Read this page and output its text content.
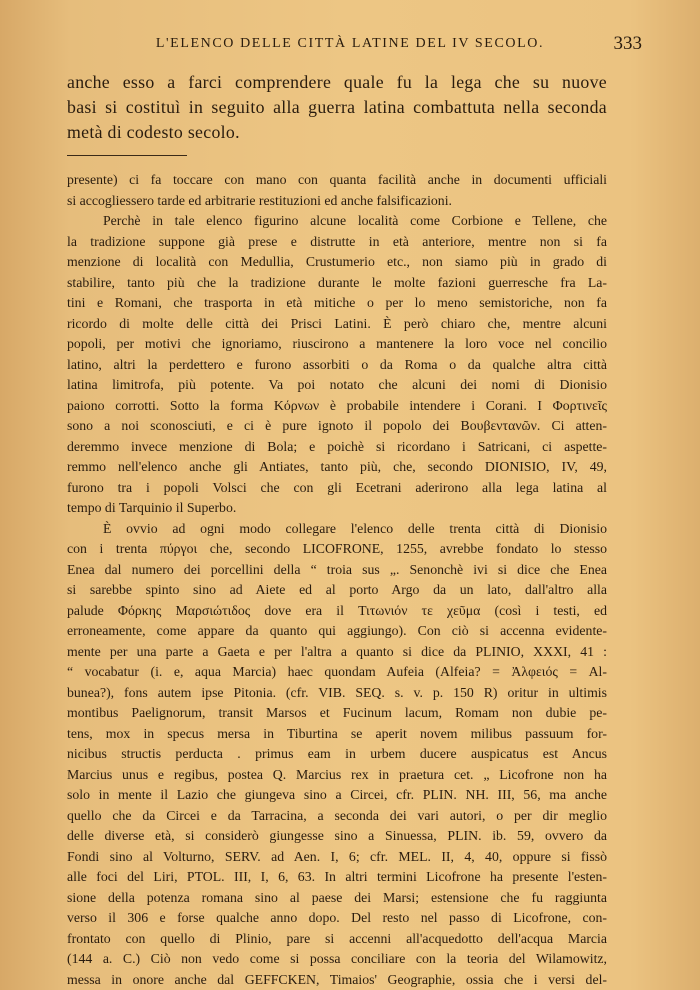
L'ELENCO DELLE CITTÀ LATINE DEL IV SECOLO.	333
anche esso a farci comprendere quale fu la lega che su nuove
basi si costituì in seguito alla guerra latina combattuta nella seconda
metà di codesto secolo.
presente) ci fa toccare con mano con quanta facilità anche in documenti ufficiali
si accogliessero tarde ed arbitrarie restituzioni ed anche falsificazioni.
Perchè in tale elenco figurino alcune località come Corbione e Tellene, che
la tradizione suppone già prese e distrutte in età anteriore, mentre non si fa
menzione di località con Medullia, Crustumerio etc., non siamo più in grado di
stabilire, tanto più che la tradizione durante le molte fazioni guerresche fra La-
tini e Romani, che trasporta in età mitiche o per lo meno semistoriche, non fa
ricordo di molte delle città dei Prisci Latini. È però chiaro che, mentre alcuni
popoli, per motivi che ignoriamo, riuscirono a mantenere la loro voce nel concilio
latino, altri la perdettero e furono assorbiti o da Roma o da qualche altra città
latina limitrofa, più potente. Va poi notato che alcuni dei nomi di Dionisio
paiono corrotti. Sotto la forma Κόρνων è probabile intendere i Corani. I Φορτινεῖς
sono a noi sconosciuti, e ci è pure ignoto il popolo dei Βουβεντανῶν. Ci atten-
deremmo invece menzione di Bola; e poichè si ricordano i Satricani, ci aspette-
remmo nell'elenco anche gli Antiates, tanto più, che, secondo DIONISIO, IV, 49,
furono tra i popoli Volsci che con gli Ecetrani aderirono alla lega latina al
tempo di Tarquinio il Superbo.
È ovvio ad ogni modo collegare l'elenco delle trenta città di Dionisio
con i trenta πύργοι che, secondo LICOFRONE, 1255, avrebbe fondato lo stesso
Enea dal numero dei porcellini della “ troia sus „. Senonchè ivi si dice che Enea
si sarebbe spinto sino ad Aiete ed al porto Argo da un lato, dall'altro alla
palude Φόρκης Μαρσιώτιδος dove era il Τιτωνιόν τε χεῦμα (così i testi, ed
erroneamente, come appare da quanto qui aggiungo). Con ciò si accenna evidente-
mente per una parte a Gaeta e per l'altra a quanto si dice da PLINIO, XXXI, 41 :
“ vocabatur (i. e, aqua Marcia) haec quondam Aufeia (Alfeia? = Ἀλφειός = Al-
bunea?), fons autem ipse Pitonia. (cfr. VIB. SEQ. s. v. p. 150 R) oritur in ultimis
montibus Paelignorum, transit Marsos et Fucinum lacum, Romam non dubie pe-
tens, mox in specus mersa in Tiburtina se aperit novem milibus passuum for-
nicibus structis perducta . primus eam in urbem ducere auspicatus est Ancus
Marcius unus e regibus, postea Q. Marcius rex in praetura cet. „ Licofrone non ha
solo in mente il Lazio che giungeva sino a Circei, cfr. PLIN. NH. III, 56, ma anche
quello che da Circei e da Tarracina, a seconda dei vari autori, o per dir meglio
delle diverse età, si considerò giungesse sino a Sinuessa, PLIN. ib. 59, ovvero da
Fondi sino al Volturno, SERV. ad Aen. I, 6; cfr. MEL. II, 4, 40, oppure si fissò
alle foci del Liri, PTOL. III, I, 6, 63. In altri termini Licofrone ha presente l'esten-
sione della potenza romana sino al paese dei Marsi; estensione che fu raggiunta
verso il 306 e forse qualche anno dopo. Del resto nel passo di Licofrone, con-
frontato con quello di Plinio, pare si accenni all'acquedotto dell'acqua Marcia
(144 a. C.) Ciò non vedo come si possa conciliare con la teoria del Wilamowitz,
messa in onore anche dal GEFFCKEN, Timaios' Geographie, ossia che i versi del-
